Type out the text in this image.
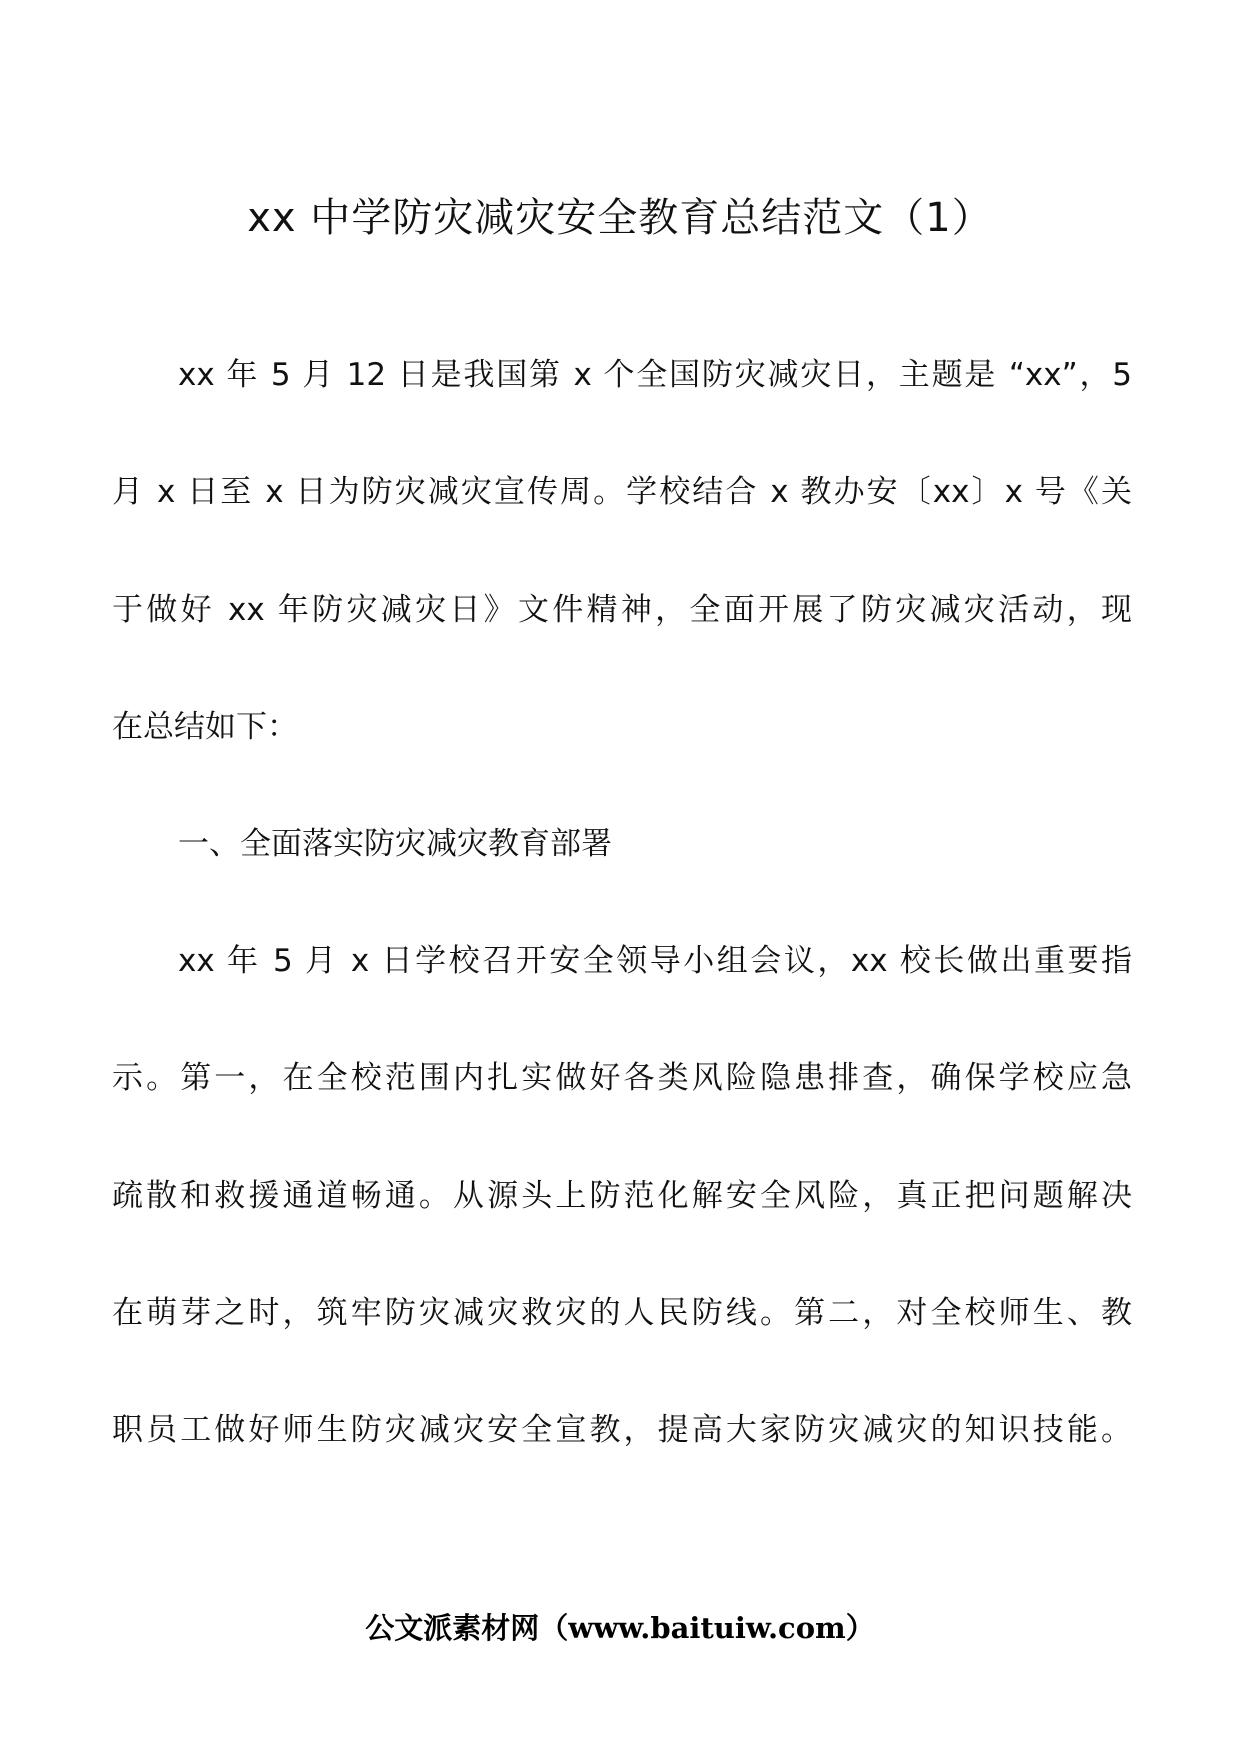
xx 中学防灾减灾安全教育总结范文（1）
xx 年 5 月 12 日是我国第 x 个全国防灾减灾日，主题是 “xx”，5
月 x 日至 x 日为防灾减灾宣传周。学校结合 x 教办安〔xx〕x 号《关
于做好 xx 年防灾减灾日》文件精神，全面开展了防灾减灾活动，现
在总结如下：
一、全面落实防灾减灾教育部署
xx 年 5 月 x 日学校召开安全领导小组会议，xx 校长做出重要指
示。第一，在全校范围内扎实做好各类风险隐患排查，确保学校应急
疏散和救援通道畅通。从源头上防范化解安全风险，真正把问题解决
在萌芽之时，筑牢防灾减灾救灾的人民防线。第二，对全校师生、教
职员工做好师生防灾减灾安全宣教，提高大家防灾减灾的知识技能。
公文派素材网（www.baituiw.com）
